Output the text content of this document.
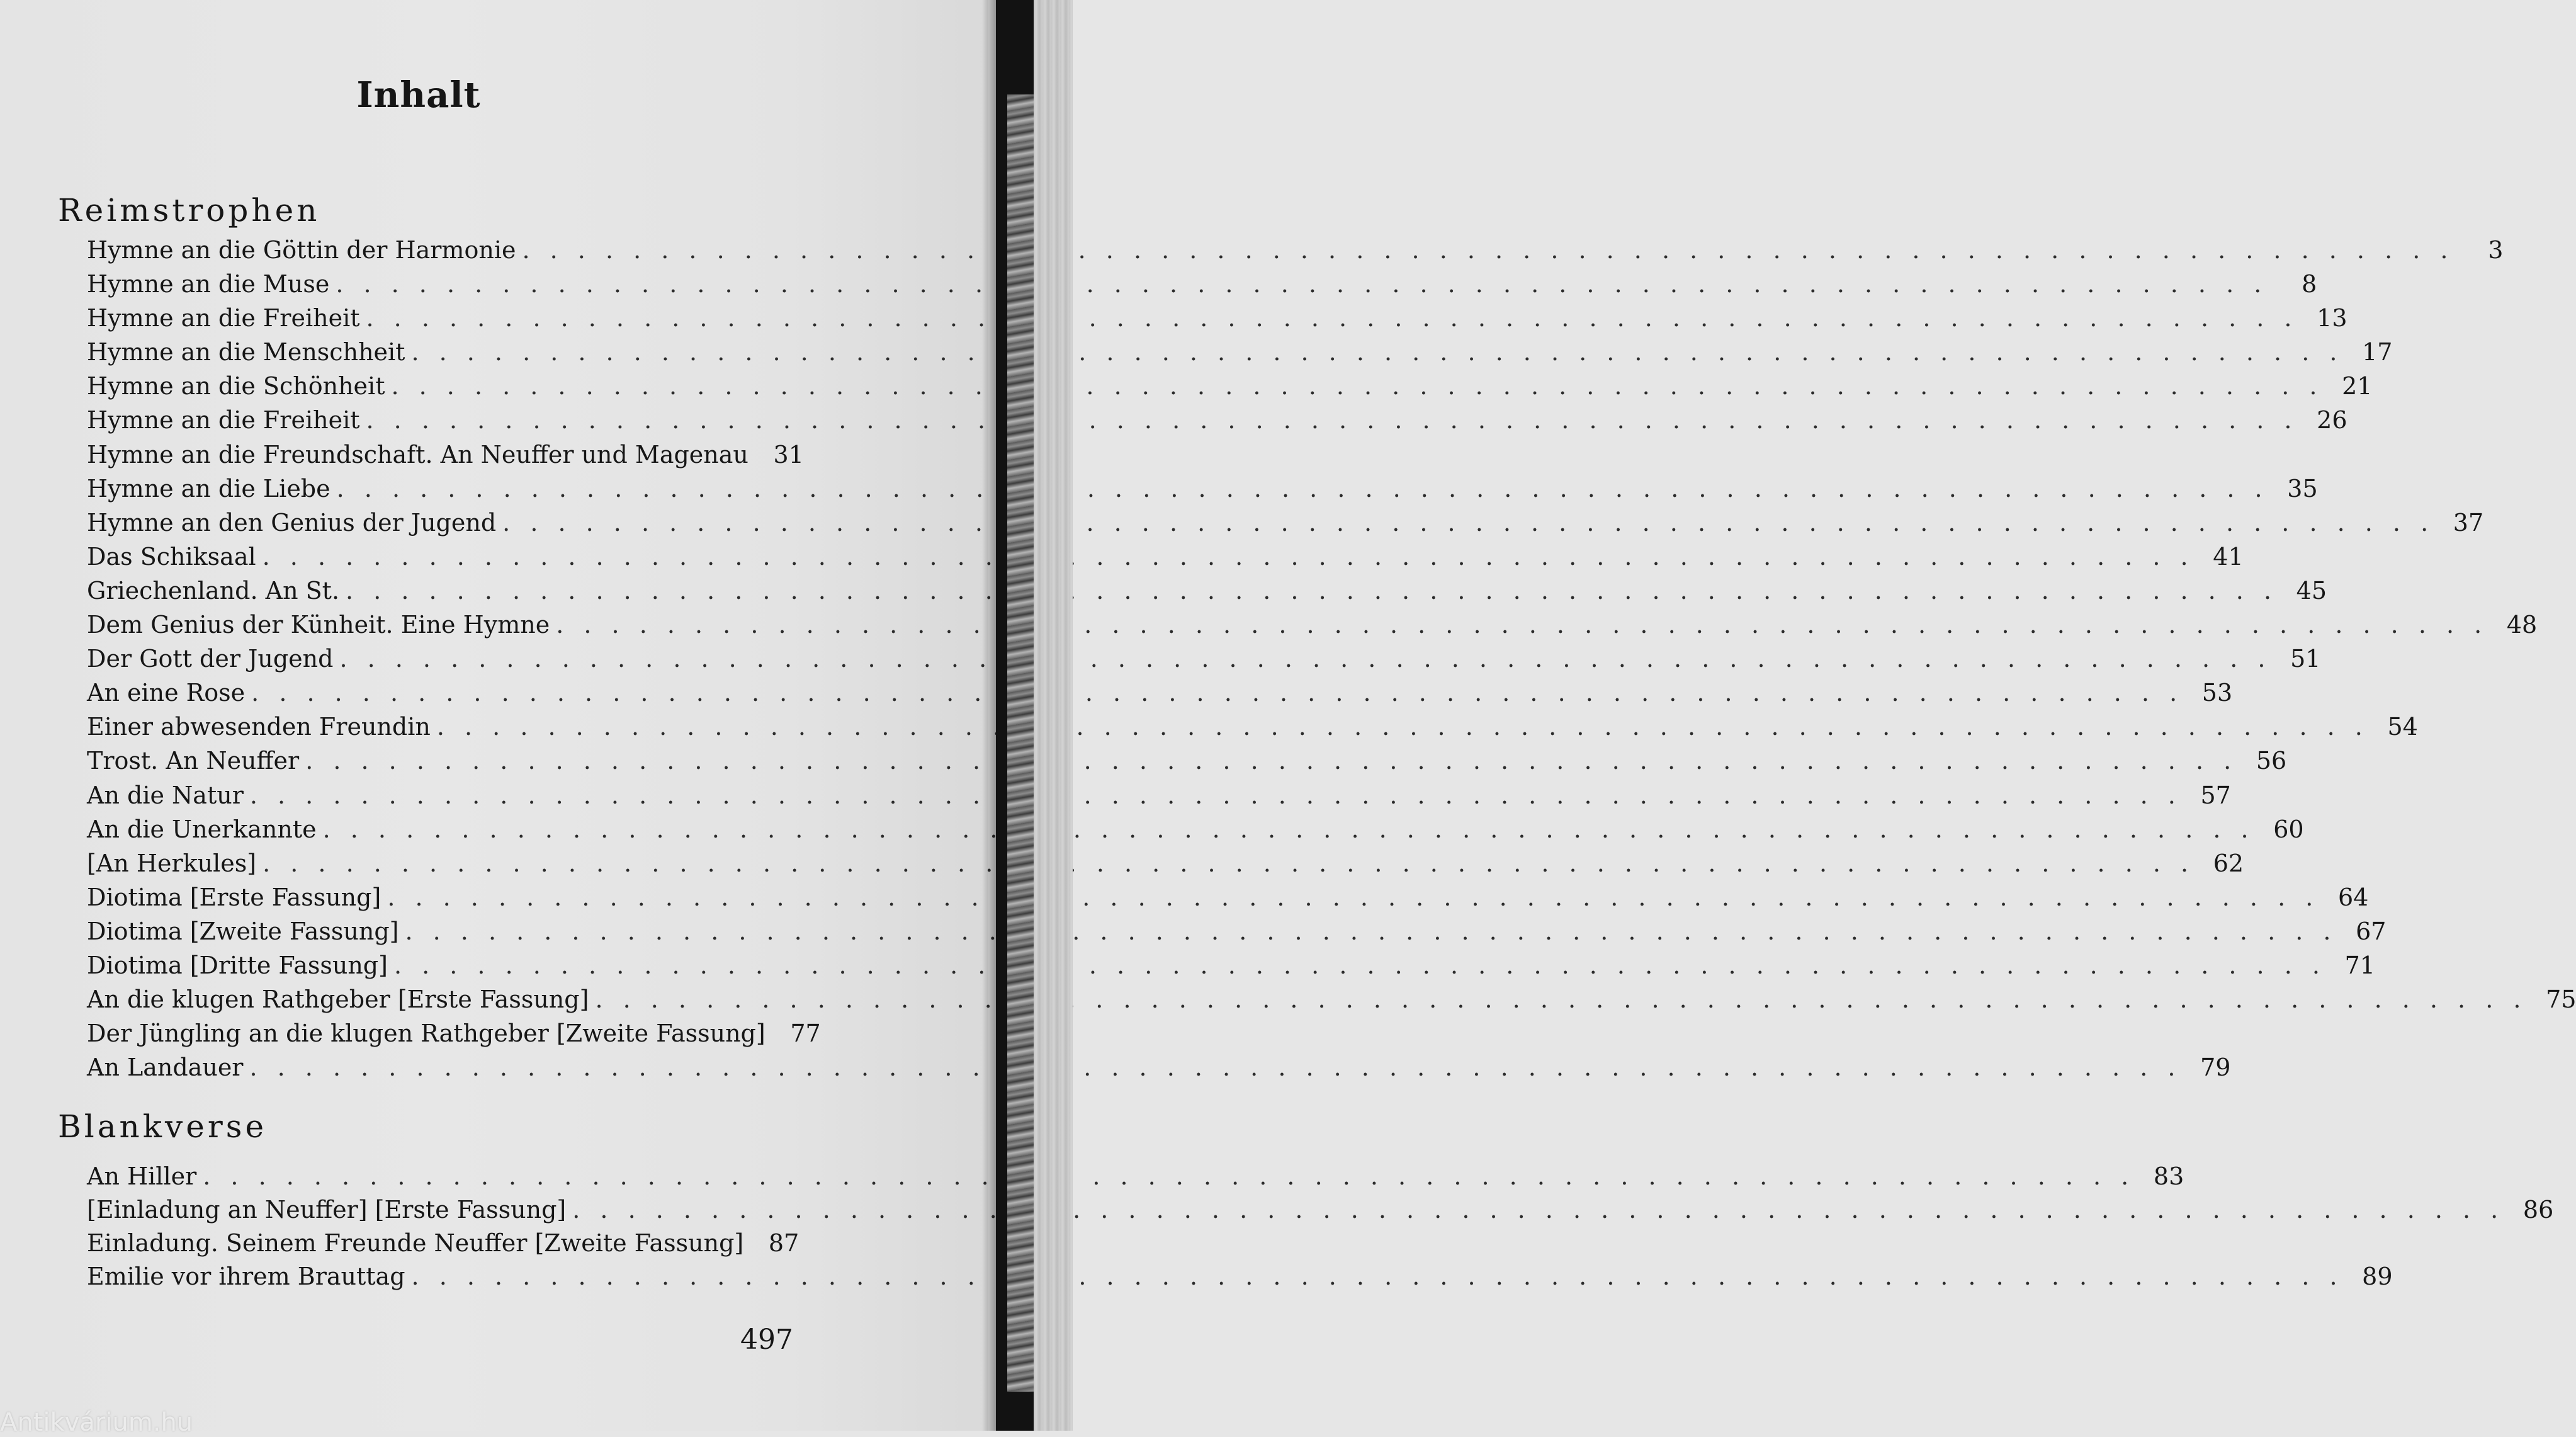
Inhalt
Reimstrophen
Hymne an die Göttin der Harmonie . . .	3
Hymne an die Muse . . .	8
Hymne an die Freiheit . . .	13
Hymne an die Menschheit . . .	17
Hymne an die Schönheit . . .	21
Hymne an die Freiheit . . .	26
Hymne an die Freundschaft. An Neuffer und Magenau	31
Hymne an die Liebe . . .	35
Hymne an den Genius der Jugend . . .	37
Das Schiksaal . . .	41
Griechenland. An St. . . .	45
Dem Genius der Künheit. Eine Hymne . . .	48
Der Gott der Jugend . . .	51
An eine Rose . . .	53
Einer abwesenden Freundin . . .	54
Trost. An Neuffer . . .	56
An die Natur . . .	57
An die Unerkannte . . .	60
[An Herkules] . . .	62
Diotima [Erste Fassung] . . .	64
Diotima [Zweite Fassung] . . .	67
Diotima [Dritte Fassung] . . .	71
An die klugen Rathgeber [Erste Fassung] . . .	75
Der Jüngling an die klugen Rathgeber [Zweite Fassung]	77
An Landauer . . .	79
Blankverse
An Hiller . . .	83
[Einladung an Neuffer] [Erste Fassung] . . .	86
Einladung. Seinem Freunde Neuffer [Zweite Fassung]	87
Emilie vor ihrem Brauttag . . .	89

497

Antikvárium.hu
